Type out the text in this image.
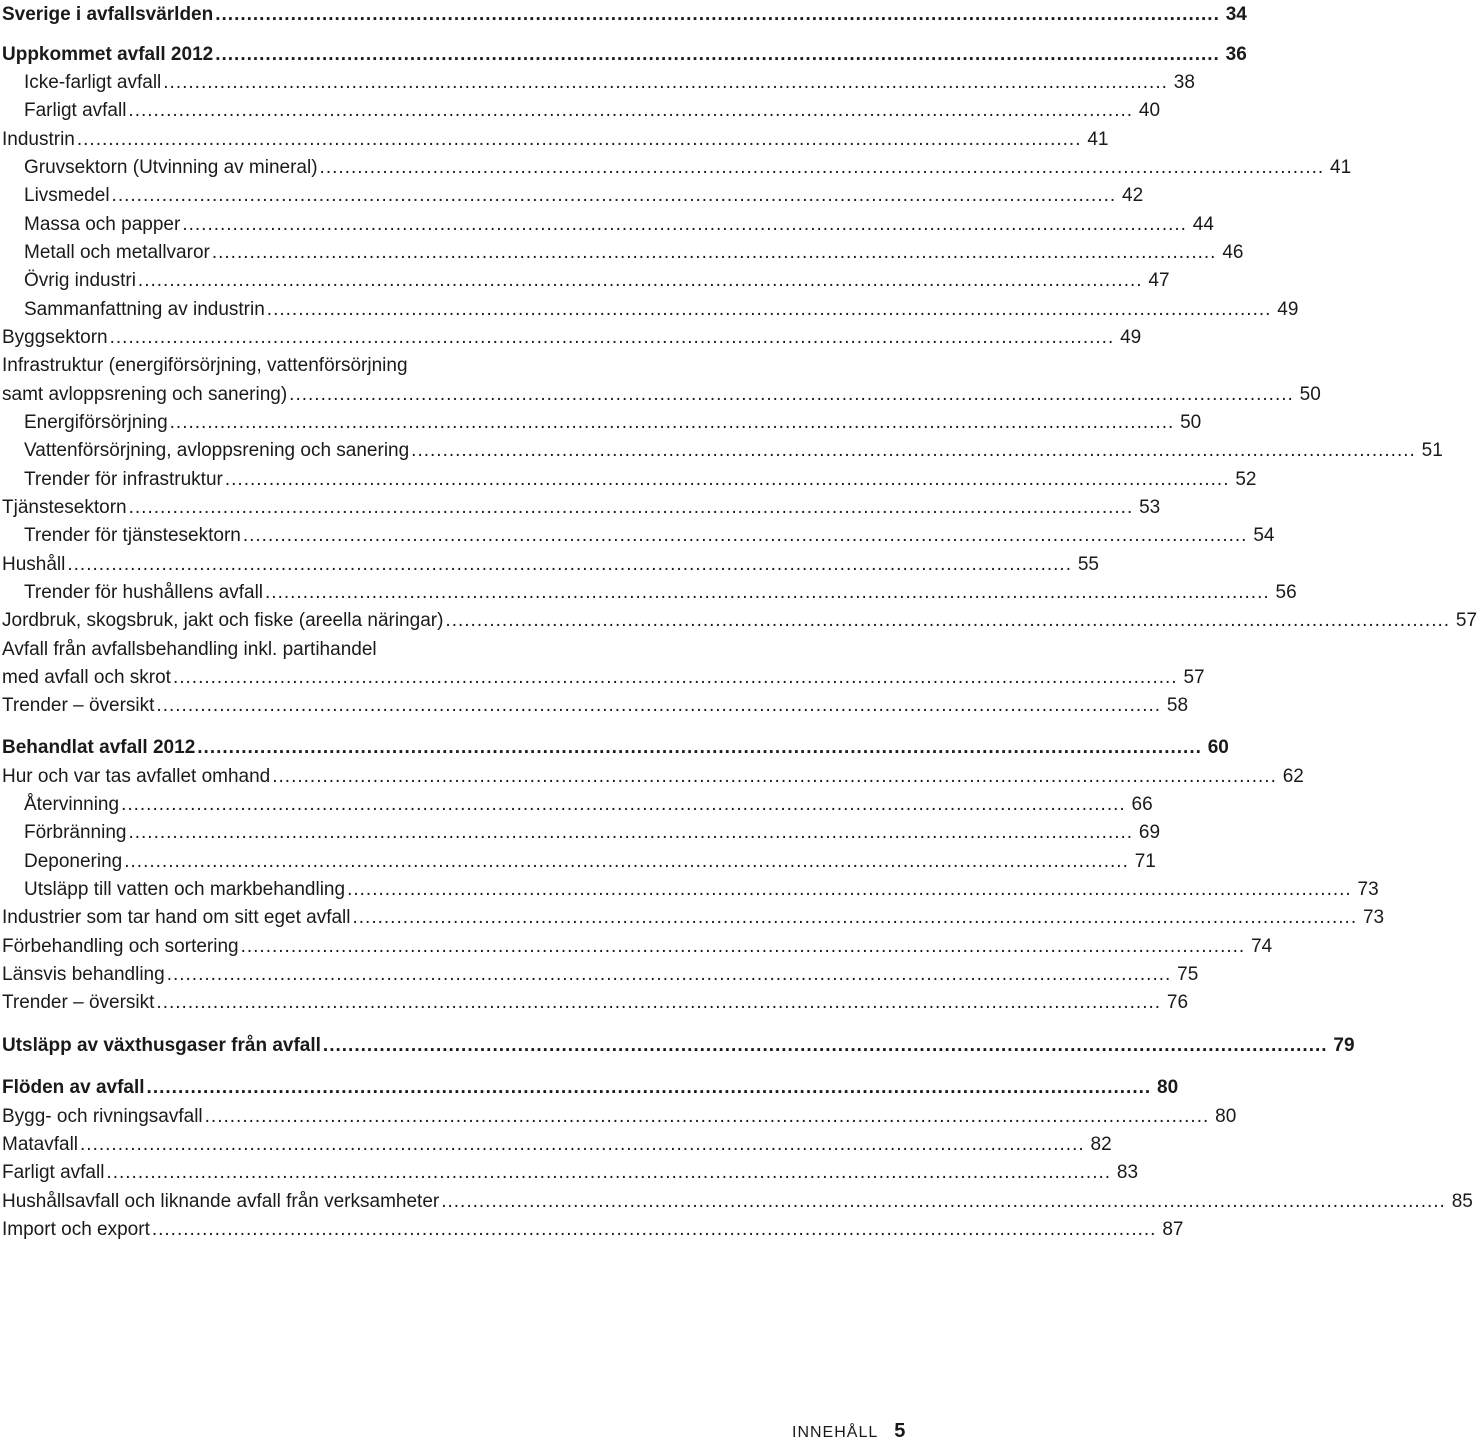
Sverige i avfallsvärlden ................................................................................................................................................................ 34
Uppkommet avfall 2012 ................................................................................................................................................................ 36
Icke-farligt avfall ................................................................................................................................................................ 38
Farligt avfall ................................................................................................................................................................ 40
Industrin ................................................................................................................................................................ 41
Gruvsektorn (Utvinning av mineral) ................................................................................................................................................................ 41
Livsmedel ................................................................................................................................................................ 42
Massa och papper ................................................................................................................................................................ 44
Metall och metallvaror ................................................................................................................................................................ 46
Övrig industri ................................................................................................................................................................ 47
Sammanfattning av industrin ................................................................................................................................................................ 49
Byggsektorn ................................................................................................................................................................ 49
Infrastruktur (energiförsörjning, vattenförsörjning
samt avloppsrening och sanering) ................................................................................................................................................................ 50
Energiförsörjning ................................................................................................................................................................ 50
Vattenförsörjning, avloppsrening och sanering ................................................................................................................................................................ 51
Trender för infrastruktur ................................................................................................................................................................ 52
Tjänstesektorn ................................................................................................................................................................ 53
Trender för tjänstesektorn ................................................................................................................................................................ 54
Hushåll ................................................................................................................................................................ 55
Trender för hushållens avfall ................................................................................................................................................................ 56
Jordbruk, skogsbruk, jakt och fiske (areella näringar) ................................................................................................................................................................ 57
Avfall från avfallsbehandling inkl. partihandel
med avfall och skrot ................................................................................................................................................................ 57
Trender – översikt ................................................................................................................................................................ 58
Behandlat avfall 2012 ................................................................................................................................................................ 60
Hur och var tas avfallet omhand ................................................................................................................................................................ 62
Återvinning ................................................................................................................................................................ 66
Förbränning ................................................................................................................................................................ 69
Deponering ................................................................................................................................................................ 71
Utsläpp till vatten och markbehandling ................................................................................................................................................................ 73
Industrier som tar hand om sitt eget avfall ................................................................................................................................................................ 73
Förbehandling och sortering ................................................................................................................................................................ 74
Länsvis behandling ................................................................................................................................................................ 75
Trender – översikt ................................................................................................................................................................ 76
Utsläpp av växthusgaser från avfall ................................................................................................................................................................ 79
Flöden av avfall ................................................................................................................................................................ 80
Bygg- och rivningsavfall ................................................................................................................................................................ 80
Matavfall ................................................................................................................................................................ 82
Farligt avfall ................................................................................................................................................................ 83
Hushållsavfall och liknande avfall från verksamheter ................................................................................................................................................................ 85
Import och export ................................................................................................................................................................ 87
INNEHÅLL 5
